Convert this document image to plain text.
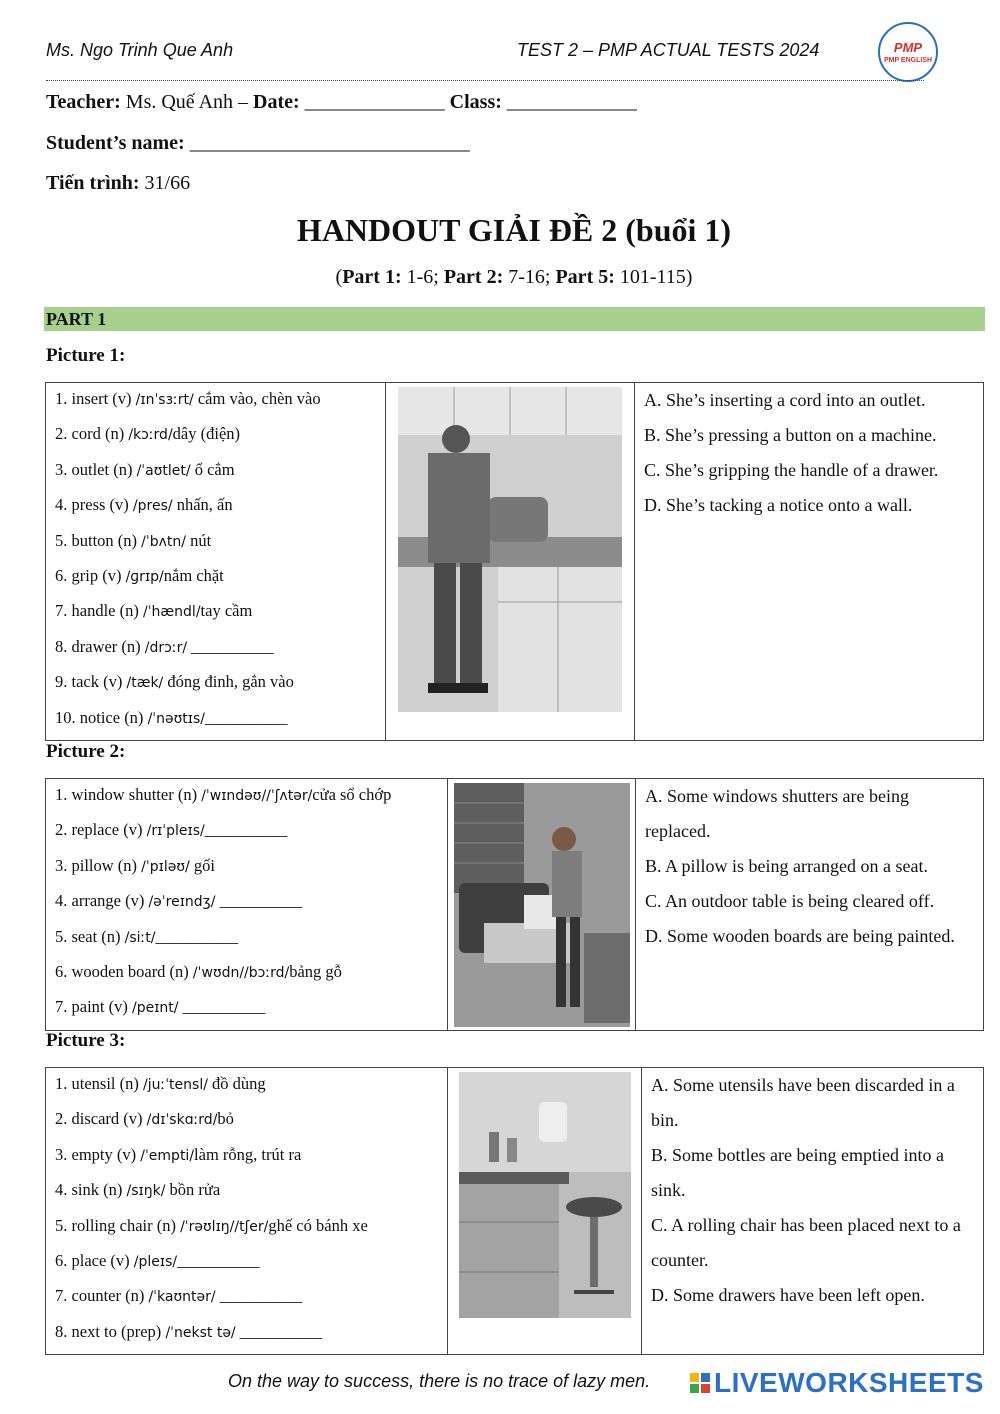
Ms. Ngo Trinh Que Anh	TEST 2 – PMP ACTUAL TESTS 2024	PMP
PMP ENGLISH
Teacher: Ms. Quế Anh – Date: ______________ Class: _____________
Student’s name: ____________________________
Tiến trình: 31/66
HANDOUT GIẢI ĐỀ 2 (buổi 1)
(Part 1: 1-6; Part 2: 7-16; Part 5: 101-115)
PART 1
Picture 1:
1. insert (v) /ɪnˈsɜːrt/ cắm vào, chèn vào
2. cord (n) /kɔːrd/dây (điện)
3. outlet (n) /ˈaʊtlet/ ổ cắm
4. press (v) /pres/ nhấn, ấn
5. button (n) /ˈbʌtn/ nút
6. grip (v) /ɡrɪp/nắm chặt
7. handle (n) /ˈhændl/tay cầm
8. drawer (n) /drɔːr/ __________
9. tack (v) /tæk/ đóng đinh, gắn vào
10. notice (n) /ˈnəʊtɪs/__________

A. She’s inserting a cord into an outlet.
B. She’s pressing a button on a machine.
C. She’s gripping the handle of a drawer.
D. She’s tacking a notice onto a wall.
Picture 2:
1. window shutter (n) /ˈwɪndəʊ//ˈʃʌtər/cửa sổ chớp
2. replace (v) /rɪˈpleɪs/__________
3. pillow (n) /ˈpɪləʊ/ gối
4. arrange (v) /əˈreɪndʒ/ __________
5. seat (n) /siːt/__________
6. wooden board (n) /ˈwʊdn//bɔːrd/bảng gỗ
7. paint (v) /peɪnt/ __________

A. Some windows shutters are being replaced.
B. A pillow is being arranged on a seat.
C. An outdoor table is being cleared off.
D. Some wooden boards are being painted.
Picture 3:
1. utensil (n) /juːˈtensl/ đồ dùng
2. discard (v) /dɪˈskɑːrd/bỏ
3. empty (v) /ˈempti/làm rỗng, trút ra
4. sink (n) /sɪŋk/ bồn rửa
5. rolling chair (n) /ˈrəʊlɪŋ//tʃer/ghế có bánh xe
6. place (v) /pleɪs/__________
7. counter (n) /ˈkaʊntər/ __________
8. next to (prep) /ˈnekst tə/ __________

A. Some utensils have been discarded in a bin.
B. Some bottles are being emptied into a sink.
C. A rolling chair has been placed next to a counter.
D. Some drawers have been left open.
On the way to success, there is no trace of lazy men. LIVEWORKSHEETS
